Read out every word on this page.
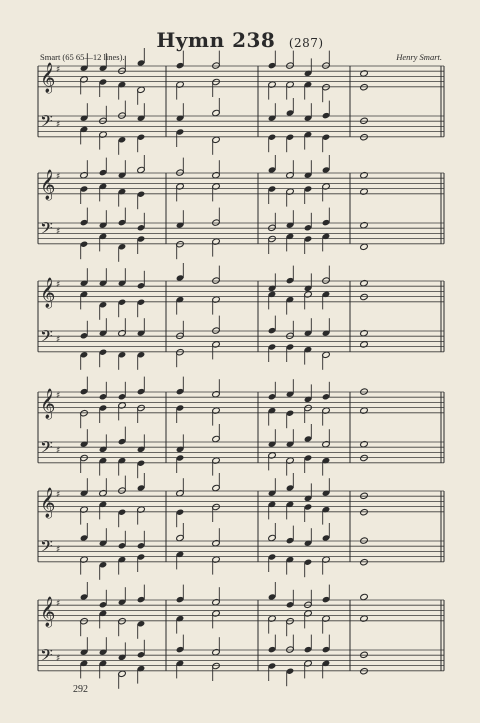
Hymn 238 (287)
Smart (65 65—12 lines).	Henry Smart.
𝄞 ♯
𝄢 ♯
𝄞 ♯
𝄢 ♯
𝄞 ♯
𝄢 ♯
𝄞 ♯
𝄢 ♯
𝄞 ♯
𝄢 ♯
𝄞 ♯
𝄢 ♯
292
